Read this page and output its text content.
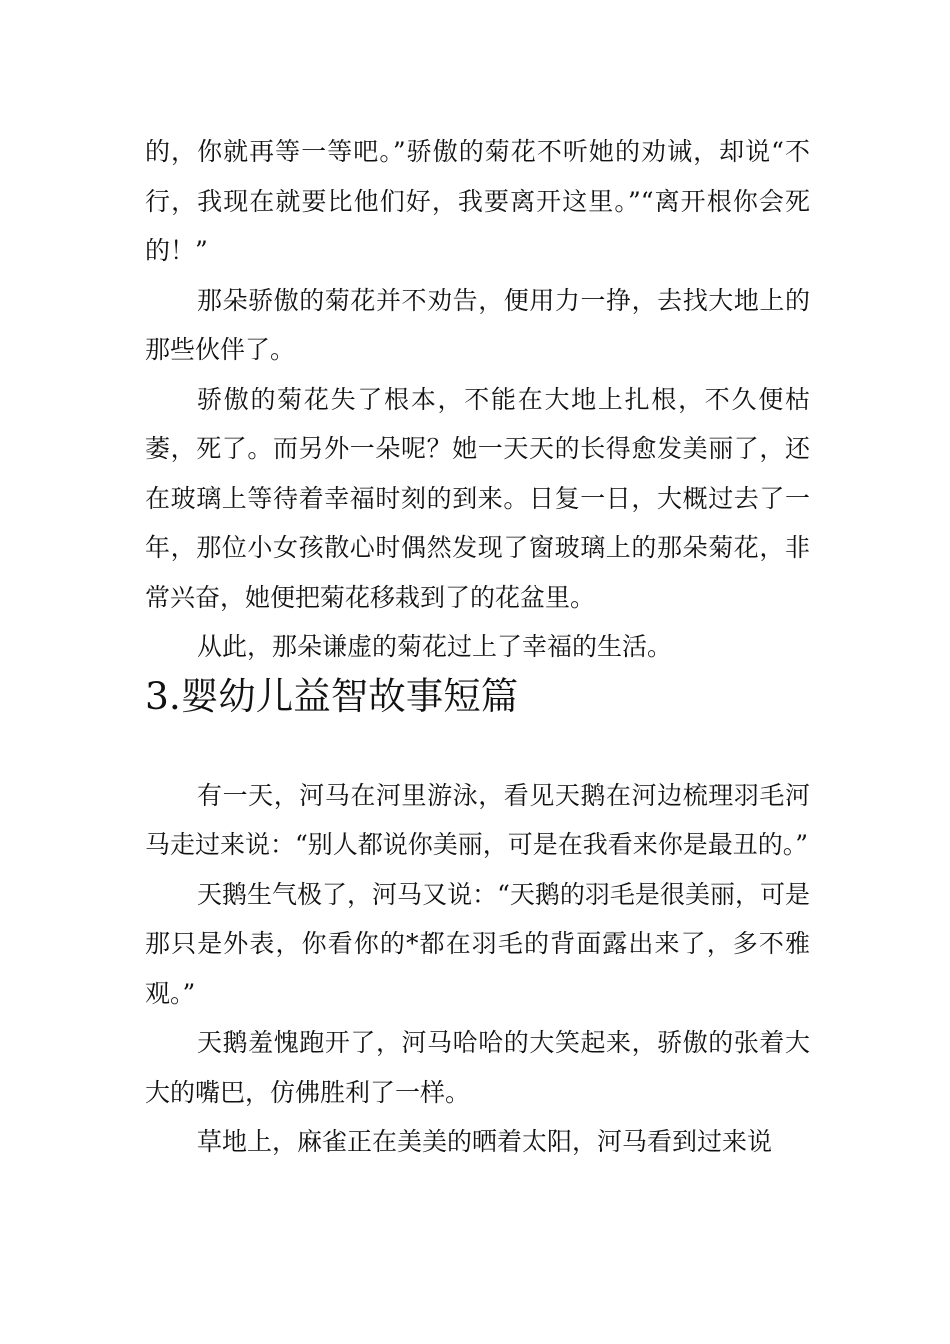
的，你就再等一等吧。”骄傲的菊花不听她的劝诫，却说“不行，我现在就要比他们好，我要离开这里。”“离开根你会死的！”

那朵骄傲的菊花并不劝告，便用力一挣，去找大地上的那些伙伴了。

骄傲的菊花失了根本，不能在大地上扎根，不久便枯萎，死了。而另外一朵呢？她一天天的长得愈发美丽了，还在玻璃上等待着幸福时刻的到来。日复一日，大概过去了一年，那位小女孩散心时偶然发现了窗玻璃上的那朵菊花，非常兴奋，她便把菊花移栽到了的花盆里。

从此，那朵谦虚的菊花过上了幸福的生活。

3.婴幼儿益智故事短篇

有一天，河马在河里游泳，看见天鹅在河边梳理羽毛河马走过来说：“别人都说你美丽，可是在我看来你是最丑的。”

天鹅生气极了，河马又说：“天鹅的羽毛是很美丽，可是那只是外表，你看你的*都在羽毛的背面露出来了，多不雅观。”

天鹅羞愧跑开了，河马哈哈的大笑起来，骄傲的张着大大的嘴巴，仿佛胜利了一样。

草地上，麻雀正在美美的晒着太阳，河马看到过来说
